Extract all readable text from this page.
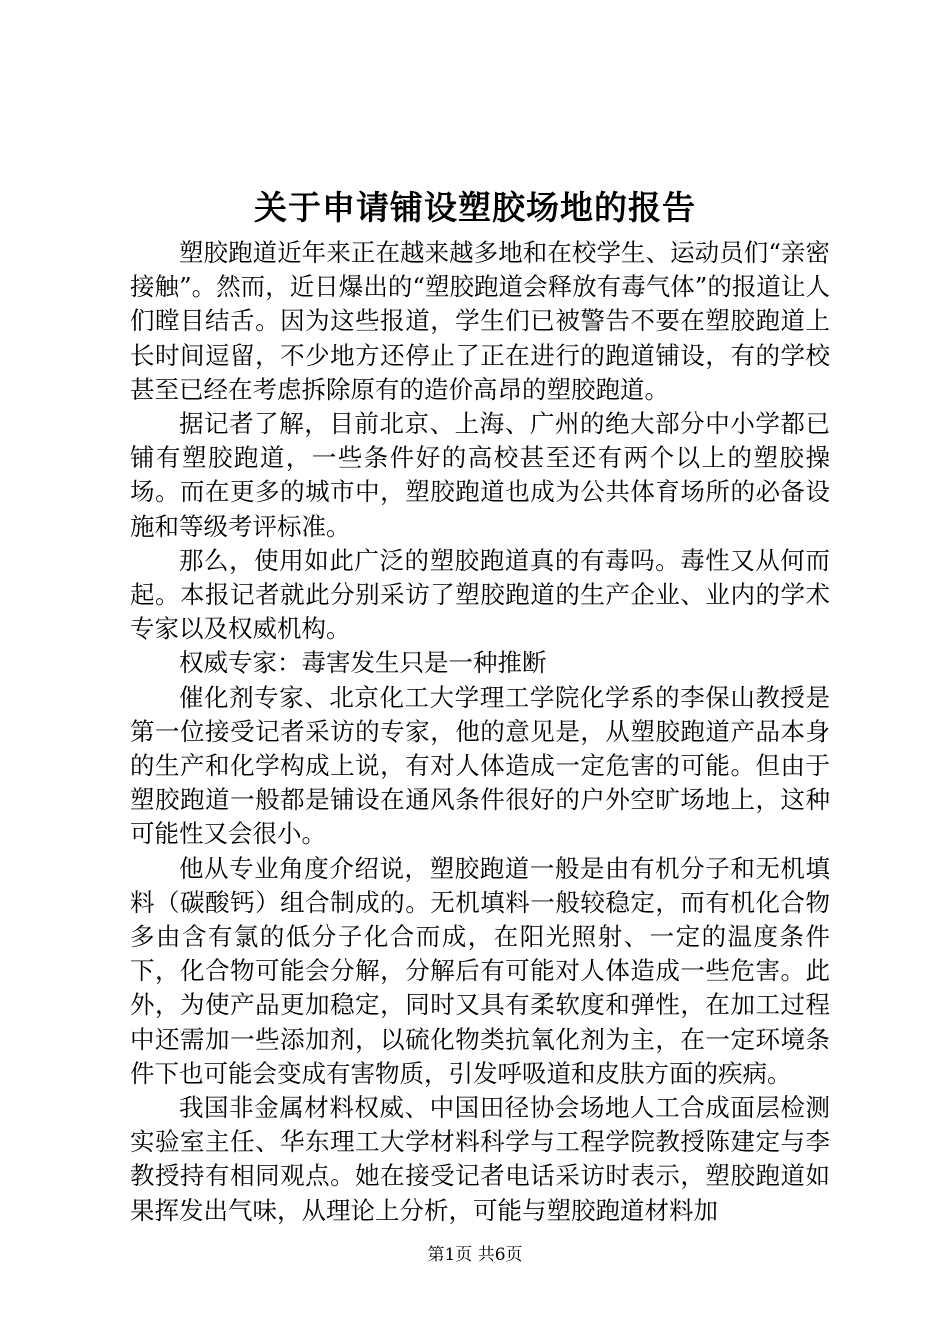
关于申请铺设塑胶场地的报告

塑胶跑道近年来正在越来越多地和在校学生、运动员们“亲密接触”。然而，近日爆出的“塑胶跑道会释放有毒气体”的报道让人们瞠目结舌。因为这些报道，学生们已被警告不要在塑胶跑道上长时间逗留，不少地方还停止了正在进行的跑道铺设，有的学校甚至已经在考虑拆除原有的造价高昂的塑胶跑道。

据记者了解，目前北京、上海、广州的绝大部分中小学都已铺有塑胶跑道，一些条件好的高校甚至还有两个以上的塑胶操场。而在更多的城市中，塑胶跑道也成为公共体育场所的必备设施和等级考评标准。

那么，使用如此广泛的塑胶跑道真的有毒吗。毒性又从何而起。本报记者就此分别采访了塑胶跑道的生产企业、业内的学术专家以及权威机构。

权威专家：毒害发生只是一种推断

催化剂专家、北京化工大学理工学院化学系的李保山教授是第一位接受记者采访的专家，他的意见是，从塑胶跑道产品本身的生产和化学构成上说，有对人体造成一定危害的可能。但由于塑胶跑道一般都是铺设在通风条件很好的户外空旷场地上，这种可能性又会很小。

他从专业角度介绍说，塑胶跑道一般是由有机分子和无机填料（碳酸钙）组合制成的。无机填料一般较稳定，而有机化合物多由含有氯的低分子化合而成，在阳光照射、一定的温度条件下，化合物可能会分解，分解后有可能对人体造成一些危害。此外，为使产品更加稳定，同时又具有柔软度和弹性，在加工过程中还需加一些添加剂，以硫化物类抗氧化剂为主，在一定环境条件下也可能会变成有害物质，引发呼吸道和皮肤方面的疾病。

我国非金属材料权威、中国田径协会场地人工合成面层检测实验室主任、华东理工大学材料科学与工程学院教授陈建定与李教授持有相同观点。她在接受记者电话采访时表示，塑胶跑道如果挥发出气味，从理论上分析，可能与塑胶跑道材料加

第1页 共6页
